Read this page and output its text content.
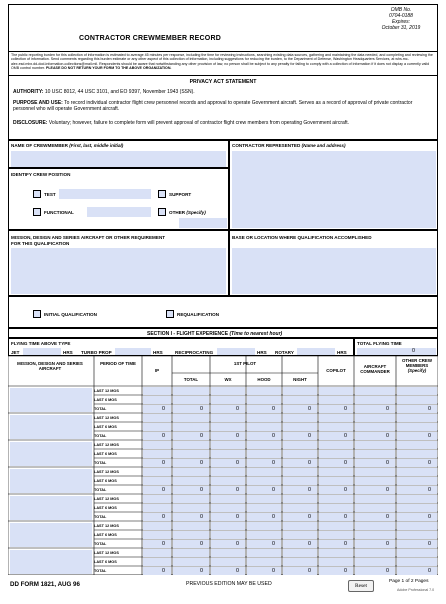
CONTRACTOR CREWMEMBER RECORD
OMB No.
0704-0188
Expires:
October 31, 2019
The public reporting burden for this collection of information is estimated to average 45 minutes per response, including the time for reviewing instructions, searching existing data sources, gathering and maintaining the data needed, and completing and reviewing the collection of information. Send comments regarding this burden estimate or any other aspect of this collection of information, including suggestions for reducing the burden, to the Department of Defense, Washington Headquarters Services, at whs.mc-alex.esd.mbx.dd-dod-information-collections@mail.mil. Respondents should be aware that notwithstanding any other provision of law, no person shall be subject to any penalty for failing to comply with a collection of information if it does not display a currently valid OMB control number. PLEASE DO NOT RETURN YOUR FORM TO THE ABOVE ORGANIZATION.
PRIVACY ACT STATEMENT
AUTHORITY: 10 USC 8012, 44 USC 3101, and EO 9397, November 1943 (SSN).
PURPOSE AND USE: To record individual contractor flight crew personnel records and approval to operate Government aircraft. Serves as a record of approval of private contractor personnel who will operate Government aircraft.
DISCLOSURE: Voluntary; however, failure to complete form will prevent approval of contractor flight crew members from operating Government aircraft.
NAME OF CREWMEMBER (First, last, middle initial)	CONTRACTOR REPRESENTED (Name and address)
IDENTIFY CREW POSITION
TEST	SUPPORT
FUNCTIONAL	OTHER (Specify)
MISSION, DESIGN AND SERIES AIRCRAFT OR OTHER REQUIREMENT
FOR THIS QUALIFICATION
BASE OR LOCATION WHERE QUALIFICATION ACCOMPLISHED
INITIAL QUALIFICATION	REQUALIFICATION
SECTION I - FLIGHT EXPERIENCE (Time to nearest hour)
FLYING TIME ABOVE TYPE
JET	HRS TURBO PROP	HRS	RECIPROCATING	HRS ROTARY	HRS
TOTAL FLYING TIME
0
MISSION, DESIGN AND SERIES AIRCRAFT
PERIOD OF TIME
IP
1ST PILOT
TOTAL	WX	HOOD	NIGHT
COPILOT
AIRCRAFT COMMANDER
OTHER CREW MEMBERS
(Specify)
LAST 12 MOS
LAST 6 MOS
TOTAL	0	0	0	0	0	0	0	0
LAST 12 MOS
LAST 6 MOS
TOTAL	0	0	0	0	0	0	0	0
LAST 12 MOS
LAST 6 MOS
TOTAL	0	0	0	0	0	0	0	0
LAST 12 MOS
LAST 6 MOS
TOTAL	0	0	0	0	0	0	0	0
LAST 12 MOS
LAST 6 MOS
TOTAL	0	0	0	0	0	0	0	0
LAST 12 MOS
LAST 6 MOS
TOTAL	0	0	0	0	0	0	0	0
LAST 12 MOS
LAST 6 MOS
TOTAL	0	0	0	0	0	0	0	0
DD FORM 1821, AUG 96	PREVIOUS EDITION MAY BE USED	Reset
Page 1 of 2 Pages
Adobe Professional 7.0
